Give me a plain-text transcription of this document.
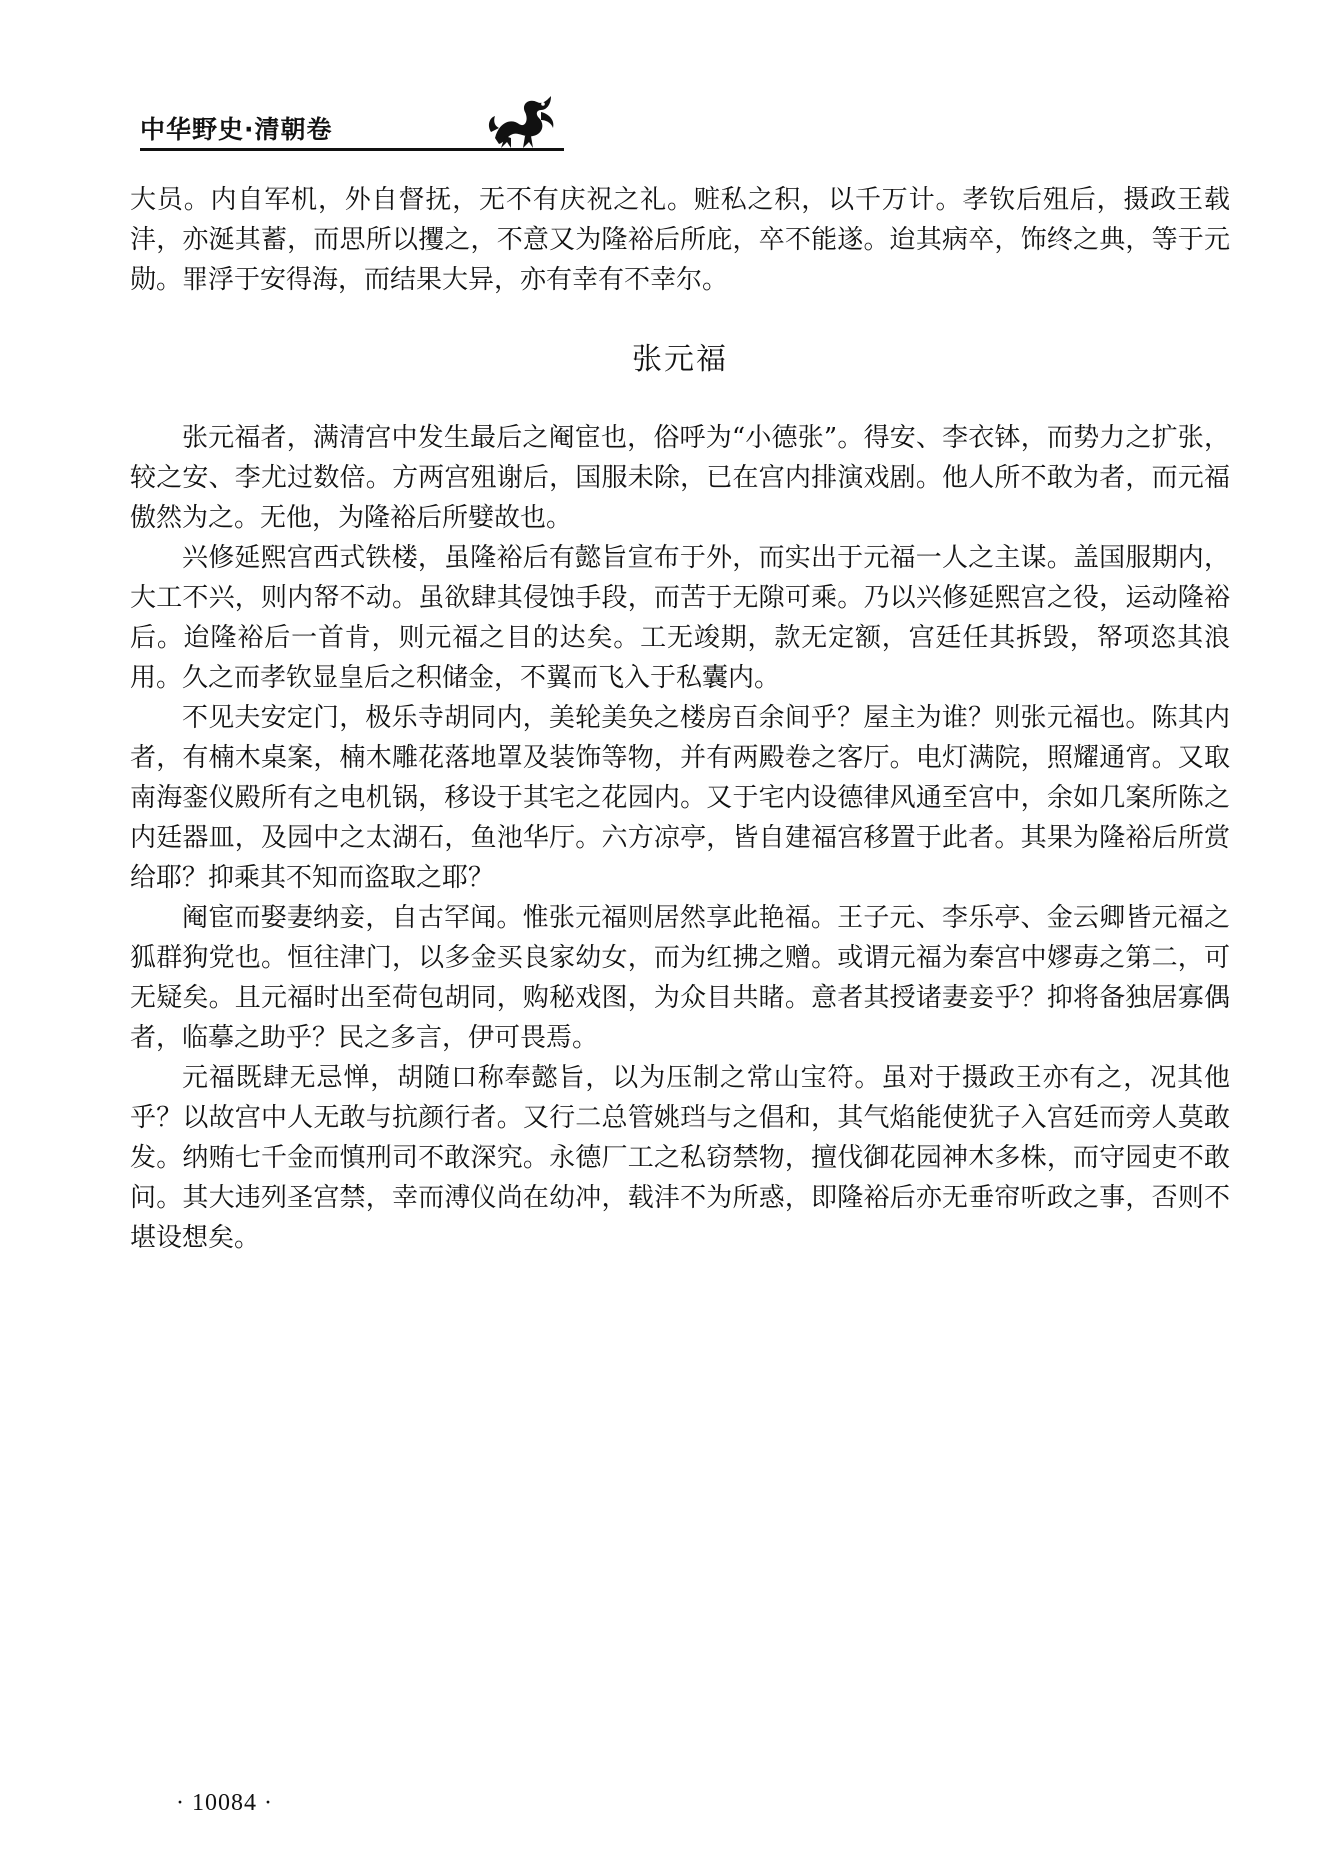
中华野史·清朝卷

大员。内自军机，外自督抚，无不有庆祝之礼。赃私之积，以千万计。孝钦后殂后，摄政王载沣，亦涎其蓄，而思所以攫之，不意又为隆裕后所庇，卒不能遂。迨其病卒，饰终之典，等于元勋。罪浮于安得海，而结果大异，亦有幸有不幸尔。

张元福

张元福者，满清宫中发生最后之阉宦也，俗呼为“小德张”。得安、李衣钵，而势力之扩张，较之安、李尤过数倍。方两宫殂谢后，国服未除，已在宫内排演戏剧。他人所不敢为者，而元福傲然为之。无他，为隆裕后所嬖故也。

兴修延熙宫西式铁楼，虽隆裕后有懿旨宣布于外，而实出于元福一人之主谋。盖国服期内，大工不兴，则内帑不动。虽欲肆其侵蚀手段，而苦于无隙可乘。乃以兴修延熙宫之役，运动隆裕后。迨隆裕后一首肯，则元福之目的达矣。工无竣期，款无定额，宫廷任其拆毁，帑项恣其浪用。久之而孝钦显皇后之积储金，不翼而飞入于私囊内。

不见夫安定门，极乐寺胡同内，美轮美奂之楼房百余间乎？屋主为谁？则张元福也。陈其内者，有楠木桌案，楠木雕花落地罩及装饰等物，并有两殿卷之客厅。电灯满院，照耀通宵。又取南海銮仪殿所有之电机锅，移设于其宅之花园内。又于宅内设德律风通至宫中，余如几案所陈之内廷器皿，及园中之太湖石，鱼池华厅。六方凉亭，皆自建福宫移置于此者。其果为隆裕后所赏给耶？抑乘其不知而盗取之耶？

阉宦而娶妻纳妾，自古罕闻。惟张元福则居然享此艳福。王子元、李乐亭、金云卿皆元福之狐群狗党也。恒往津门，以多金买良家幼女，而为红拂之赠。或谓元福为秦宫中嫪毐之第二，可无疑矣。且元福时出至荷包胡同，购秘戏图，为众目共睹。意者其授诸妻妾乎？抑将备独居寡偶者，临摹之助乎？民之多言，伊可畏焉。

元福既肆无忌惮，胡随口称奉懿旨，以为压制之常山宝符。虽对于摄政王亦有之，况其他乎？以故宫中人无敢与抗颜行者。又行二总管姚珰与之倡和，其气焰能使犹子入宫廷而旁人莫敢发。纳贿七千金而慎刑司不敢深究。永德厂工之私窃禁物，擅伐御花园神木多株，而守园吏不敢问。其大违列圣宫禁，幸而溥仪尚在幼冲，载沣不为所惑，即隆裕后亦无垂帘听政之事，否则不堪设想矣。

· 10084 ·
